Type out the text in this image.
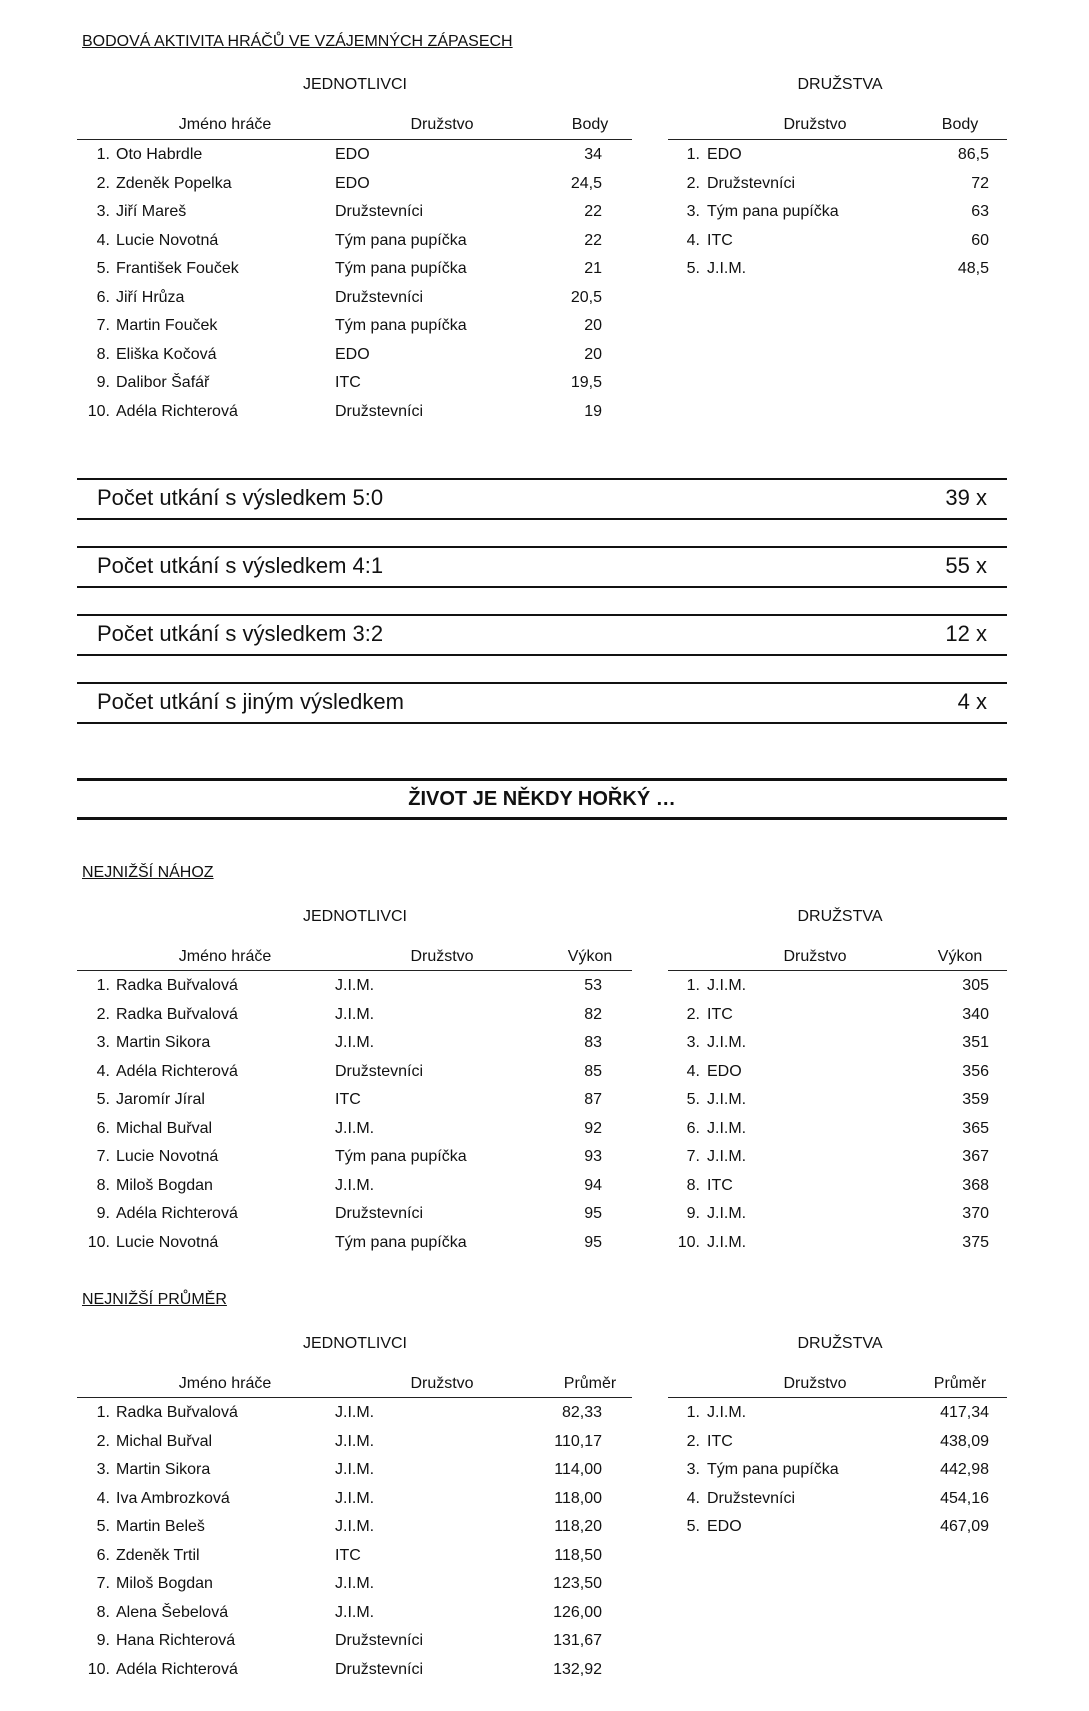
BODOVÁ AKTIVITA HRÁČŮ VE VZÁJEMNÝCH ZÁPASECH
JEDNOTLIVCI	DRUŽSTVA
Jméno hráče	Družstvo	Body	Družstvo	Body
1. Oto Habrdle	EDO	34
2. Zdeněk Popelka	EDO	24,5
3. Jiří Mareš	Družstevníci	22
4. Lucie Novotná	Tým pana pupíčka	22
5. František Fouček	Tým pana pupíčka	21
6. Jiří Hrůza	Družstevníci	20,5
7. Martin Fouček	Tým pana pupíčka	20
8. Eliška Kočová	EDO	20
9. Dalibor Šafář	ITC	19,5
10. Adéla Richterová	Družstevníci	19
1. EDO	86,5
2. Družstevníci	72
3. Tým pana pupíčka	63
4. ITC	60
5. J.I.M.	48,5
Počet utkání s výsledkem 5:0	39 x
Počet utkání s výsledkem 4:1	55 x
Počet utkání s výsledkem 3:2	12 x
Počet utkání s jiným výsledkem	4 x
ŽIVOT JE NĚKDY HOŘKÝ …
NEJNIŽŠÍ NÁHOZ
JEDNOTLIVCI	DRUŽSTVA
Jméno hráče	Družstvo	Výkon	Družstvo	Výkon
1. Radka Buřvalová	J.I.M.	53
2. Radka Buřvalová	J.I.M.	82
3. Martin Sikora	J.I.M.	83
4. Adéla Richterová	Družstevníci	85
5. Jaromír Jíral	ITC	87
6. Michal Buřval	J.I.M.	92
7. Lucie Novotná	Tým pana pupíčka	93
8. Miloš Bogdan	J.I.M.	94
9. Adéla Richterová	Družstevníci	95
10. Lucie Novotná	Tým pana pupíčka	95
1. J.I.M.	305
2. ITC	340
3. J.I.M.	351
4. EDO	356
5. J.I.M.	359
6. J.I.M.	365
7. J.I.M.	367
8. ITC	368
9. J.I.M.	370
10. J.I.M.	375
NEJNIŽŠÍ PRŮMĚR
JEDNOTLIVCI	DRUŽSTVA
Jméno hráče	Družstvo	Průměr	Družstvo	Průměr
1. Radka Buřvalová	J.I.M.	82,33
2. Michal Buřval	J.I.M.	110,17
3. Martin Sikora	J.I.M.	114,00
4. Iva Ambrozková	J.I.M.	118,00
5. Martin Beleš	J.I.M.	118,20
6. Zdeněk Trtil	ITC	118,50
7. Miloš Bogdan	J.I.M.	123,50
8. Alena Šebelová	J.I.M.	126,00
9. Hana Richterová	Družstevníci	131,67
10. Adéla Richterová	Družstevníci	132,92
1. J.I.M.	417,34
2. ITC	438,09
3. Tým pana pupíčka	442,98
4. Družstevníci	454,16
5. EDO	467,09
